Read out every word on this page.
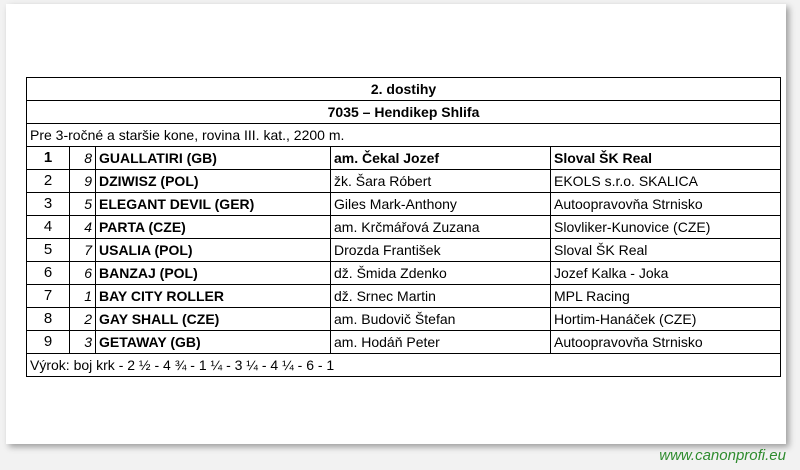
2. dostihy				
7035 – Hendikep Shlifa				
Pre 3-ročné a staršie kone, rovina III. kat., 2200 m.				
1	8	GUALLATIRI (GB)	am. Čekal Jozef	Sloval ŠK Real
2	9	DZIWISZ (POL)	žk. Šara Róbert	EKOLS s.r.o. SKALICA
3	5	ELEGANT DEVIL (GER)	Giles Mark-Anthony	Autoopravovňa Strnisko
4	4	PARTA (CZE)	am. Krčmářová Zuzana	Slovliker-Kunovice (CZE)
5	7	USALIA (POL)	Drozda František	Sloval ŠK Real
6	6	BANZAJ (POL)	dž. Šmida Zdenko	Jozef Kalka - Joka
7	1	BAY CITY ROLLER	dž. Srnec Martin	MPL Racing
8	2	GAY SHALL (CZE)	am. Budovič Štefan	Hortim-Hanáček (CZE)
9	3	GETAWAY (GB)	am. Hodáň Peter	Autoopravovňa Strnisko
Výrok: boj krk - 2 ½ - 4 ¾ - 1 ¼ - 3 ¼ - 4 ¼ - 6 - 1				
www.canonprofi.eu
